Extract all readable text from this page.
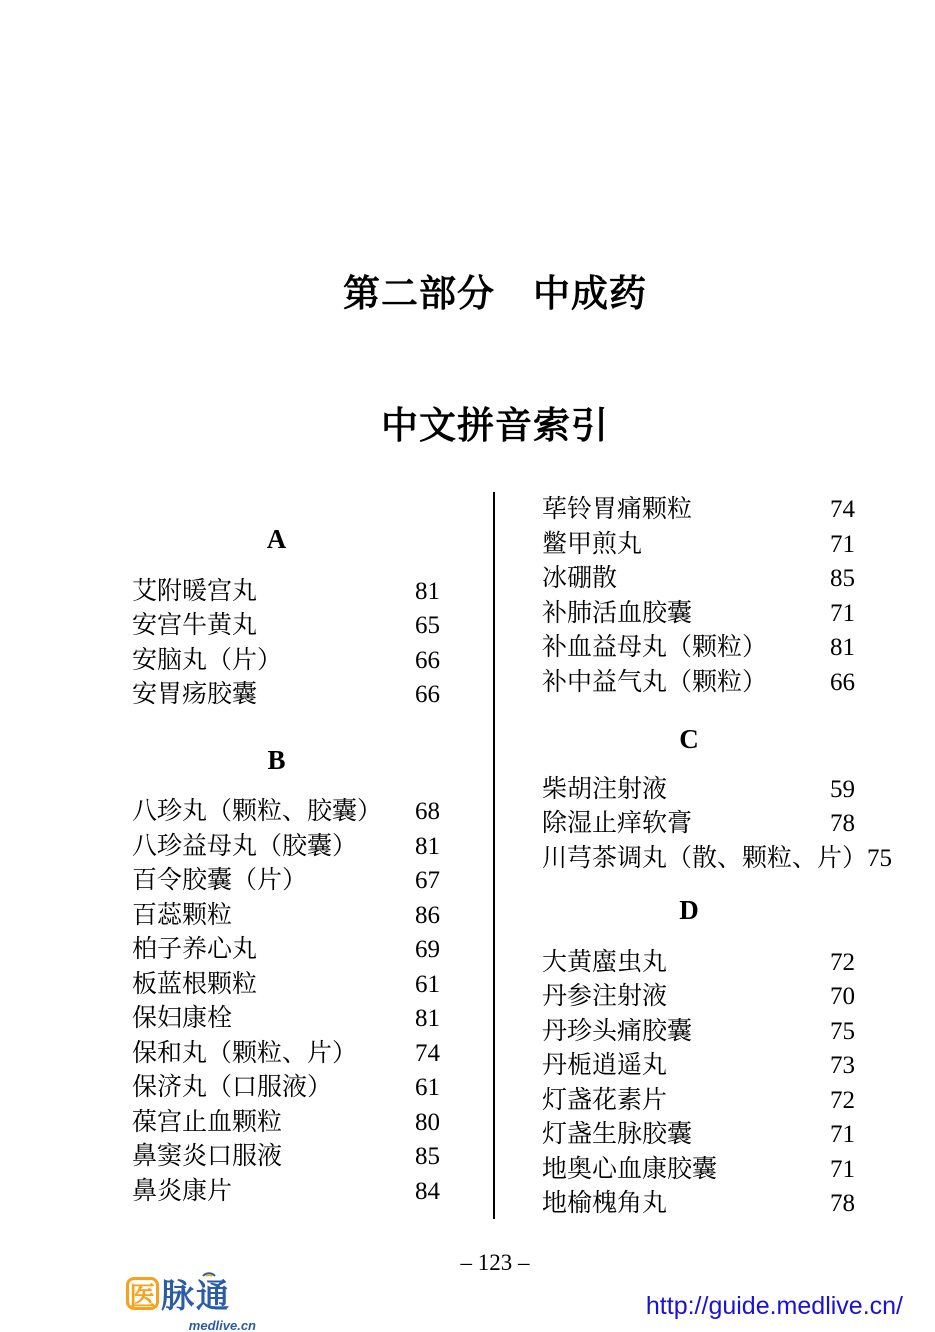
第二部分　中成药
中文拼音索引
A
艾附暖宫丸	81
安宫牛黄丸	65
安脑丸（片）	66
安胃疡胶囊	66
B
八珍丸（颗粒、胶囊） 68
八珍益母丸（胶囊） 81
百令胶囊（片）	67
百蕊颗粒	86
柏子养心丸	69
板蓝根颗粒	61
保妇康栓	81
保和丸（颗粒、片） 74
保济丸（口服液）	61
葆宫止血颗粒	80
鼻窦炎口服液	85
鼻炎康片	84
荜铃胃痛颗粒	74
鳖甲煎丸	71
冰硼散	85
补肺活血胶囊	71
补血益母丸（颗粒）	81
补中益气丸（颗粒）	66
C
柴胡注射液	59
除湿止痒软膏	78
川芎茶调丸（散、颗粒、片） 75
D
大黄䗪虫丸	72
丹参注射液	70
丹珍头痛胶囊	75
丹栀逍遥丸	73
灯盏花素片	72
灯盏生脉胶囊	71
地奥心血康胶囊	71
地榆槐角丸	78
– 123 –
医 脉通
medlive.cn
http://guide.medlive.cn/
